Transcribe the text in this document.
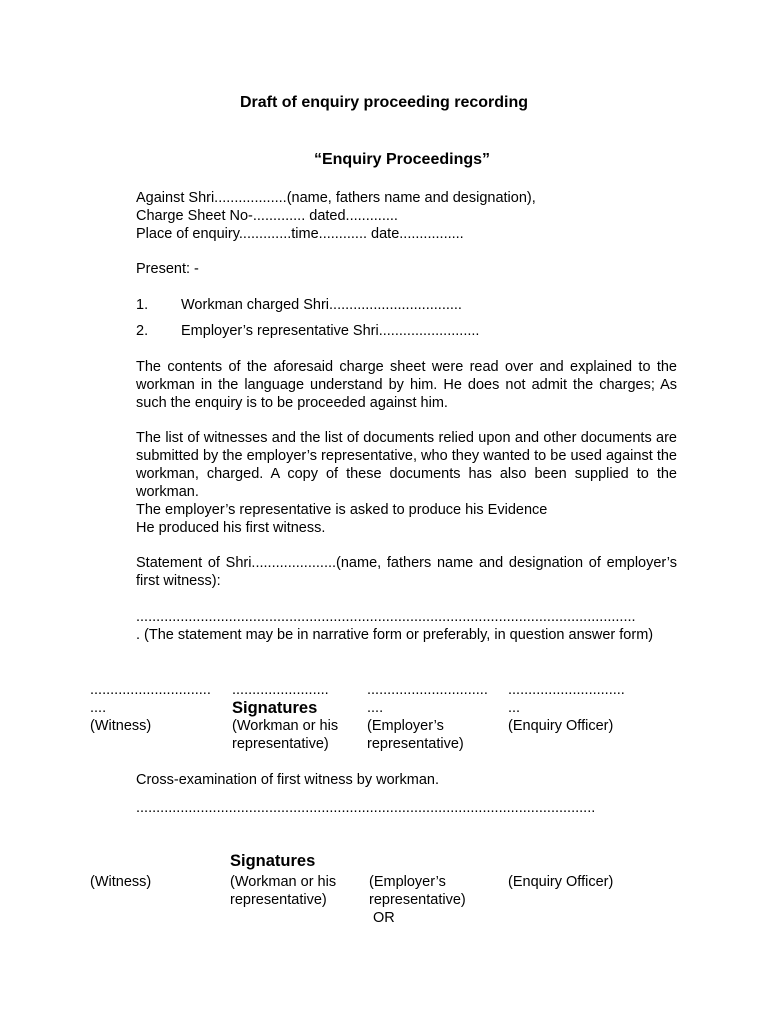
Draft of enquiry proceeding recording
“Enquiry Proceedings”
Against Shri..................(name, fathers name and designation),
Charge Sheet No-............. dated.............
Place of enquiry.............time............ date................
Present: -
1. Workman charged Shri.................................
2. Employer’s representative Shri.........................
The contents of the aforesaid charge sheet were read over and explained to the workman in the language understand by him. He does not admit the charges; As such the enquiry is to be proceeded against him.
The list of witnesses and the list of documents relied upon and other documents are submitted by the employer’s representative, who they wanted to be used against the workman, charged. A copy of these documents has also been supplied to the workman.
The employer’s representative is asked to produce his Evidence
He produced his first witness.
Statement of Shri.....................(name, fathers name and designation of employer’s first witness):
............................................................................................................................
. (The statement may be in narrative form or preferably, in question answer form)
..............................
....
(Witness)
........................
Signatures
(Workman or his
representative)
..............................
....
(Employer’s
representative)
.............................
...
(Enquiry Officer)
Cross-examination of first witness by workman.
..................................................................................................................
Signatures
(Witness)	(Workman or his
representative)
(Employer’s
representative)
OR
(Enquiry Officer)
